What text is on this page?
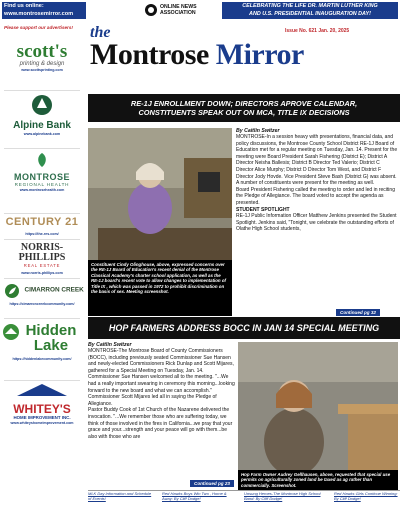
Find us online:
www.montrosemirror.com
ONLINE NEWS
ASSOCIATION
CELEBRATING THE LIFE DR. MARTIN LUTHER KING
AND U.S. PRESIDENTIAL INAUGURATION DAY!
Please support our advertisers! the	Issue No. 621 Jan. 20, 2025
Montrose Mirror
scott's
printing & design
www.scottsprinting.com
Alpine Bank
www.alpinebank.com
MONTROSE
REGIONAL HEALTH
www.montrosehealth.com
CENTURY 21
https://the-res.com/
NORRIS-PHILLIPS
REAL ESTATE
www.norris-phillips.com
CIMARRON CREEK
https://cimarroncreekcommunity.com/
Hidden Lake
https://hiddenlakecommunity.com/
WHITEY'S
HOME IMPROVEMENT INC.
www.whiteyshomeimprovement.com
RE-1J ENROLLMENT DOWN; DIRECTORS APROVE CALENDAR,
CONSTITUENTS SPEAK OUT ON MCA, TITLE IX DECISIONS
Constituent Cindy Olinghouse, above, expressed concerns over the RE-1J Board of Education's recent denial of the Montrose Classical Academy's charter school application, as well as the RE-1J board's recent vote to allow changes to implementation of Title IX , which was passed in 1972 to prohibit discrimination on the basis of sex. Meeting screenshot.
By Caitlin Switzer
MONTROSE-In a session heavy with presentations, financial data, and policy discussions, the Montrose County School District RE-1J Board of Education met for a regular meeting on Tuesday, Jan. 14. Present for the meeting were Board President Sarah Fishering (District E); District A Director Neisha Ballesis; District B Director Ted Valerio; District C Director Alice Murphy; District D Director Tom West, and District F Director Jody Hovde. Vice President Steve Bash (District G) was absent.
A number of constituents were present for the meeting as well.
Board President Fishering called the meeting to order and led in reciting the Pledge of Allegiance. The board voted to accept the agenda as presented.
STUDENT SPOTLIGHT
RE-1J Public Information Officer Matthew Jenkins presented the Student Spotlight. Jenkins said, "Tonight, we celebrate the outstanding efforts of Olathe High School students,
Continued pg 32
HOP FARMERS ADDRESS BOCC IN JAN 14 SPECIAL MEETING
By Caitlin Switzer
MONTROSE-The Montrose Board of County Commissioners (BOCC), including previously seated Commissioner Sue Hansen and newly-elected Commissioners Rick Dunlap and Scott Mijares, gathered for a Special Meeting on Tuesday, Jan. 14.
Commissioner Sue Hansen welcomed all to the meeting. "...We had a really important swearing in ceremony this morning...looking forward to the new board and what we can accomplish."
Commissioner Scott Mijares led all in saying the Pledge of Allegiance.
Pastor Buddy Cook of 1st Church of the Nazarene delivered the invocation. "...We remember those who are suffering today, we think of those involved in the fires in California...we pray that your grace and your...strength and your peace will go with them...be also with those who are
Continued pg 23
Hop Farm Owner Audrey Gellhausen, above, requested that special use permits on agriculturally zoned land be taxed as ag rather than commercially. Screenshot.
MLK Day Information and Schedule of Events!
Red Hawks Boys Win Two , Home & Away: By Cliff Dodge!
Unsung Heroes-The Montrose High School Band: By Cliff Dodge!
Red Hawks Girls Continue Winning: By Cliff Dodge!
